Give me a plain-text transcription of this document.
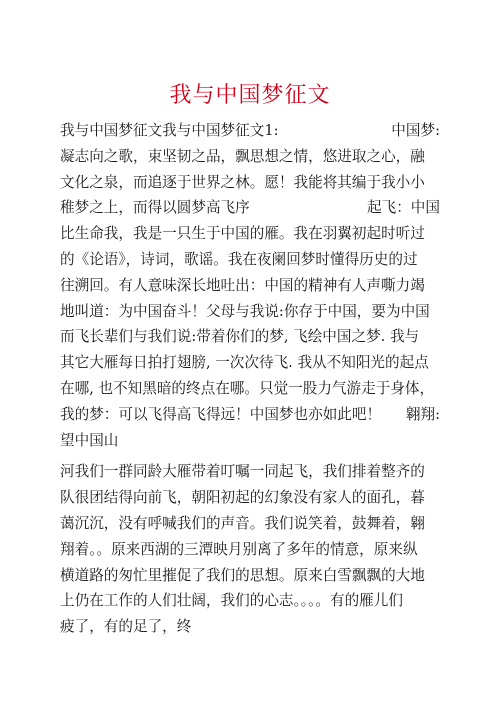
我与中国梦征文
我与中国梦征文我与中国梦征文1:	中国梦:
凝志向之歌，束坚韧之品，飘思想之情，悠进取之心，融
文化之泉，而追逐于世界之林。愿！我能将其编于我小小
稚梦之上，而得以圆梦高飞序	起飞：中国
比生命我，我是一只生于中国的雁。我在羽翼初起时听过
的《论语》，诗词，歌谣。我在夜阑回梦时懂得历史的过
往溯回。有人意味深长地吐出：中国的精神有人声嘶力竭
地叫道：为中国奋斗！父母与我说:你存于中国，要为中国
而飞长辈们与我们说:带着你们的梦, 飞绘中国之梦. 我与
其它大雁每日拍打翅膀, 一次次待飞. 我从不知阳光的起点
在哪, 也不知黑暗的终点在哪。只觉一股力气游走于身体，
我的梦：可以飞得高飞得远！中国梦也亦如此吧！ 翱翔:
望中国山
河我们一群同龄大雁带着叮嘱一同起飞，我们排着整齐的
队很团结得向前飞，朝阳初起的幻象没有家人的面孔，暮
蔼沉沉，没有呼喊我们的声音。我们说笑着，鼓舞着，翱
翔着。。原来西湖的三潭映月别离了多年的情意，原来纵
横道路的匆忙里摧促了我们的思想。原来白雪飘飘的大地
上仍在工作的人们壮阔，我们的心志。。。。有的雁儿们
疲了，有的足了，终
